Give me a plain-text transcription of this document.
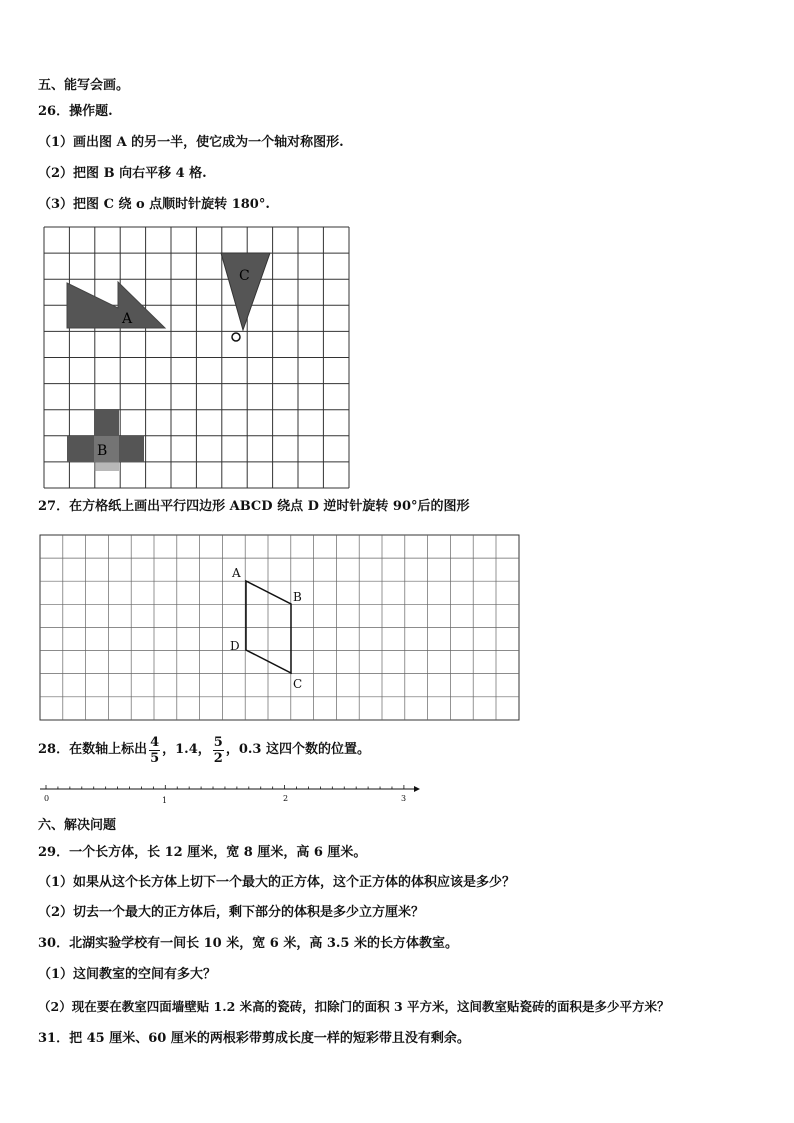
五、能写会画。
26．操作题.
（1）画出图 A 的另一半，使它成为一个轴对称图形.
（2）把图 B 向右平移 4 格.
（3）把图 C 绕 o 点顺时针旋转 180°.
A
B
C
27．在方格纸上画出平行四边形 ABCD 绕点 D 逆时针旋转 90°后的图形
A
B
C
D
28．在数轴上标出 $\frac{4}{5}$ ，1.4， $\frac{5}{2}$ ，0.3 这四个数的位置。
0	1	2	3
六、解决问题
29．一个长方体，长 12 厘米，宽 8 厘米，高 6 厘米。
（1）如果从这个长方体上切下一个最大的正方体，这个正方体的体积应该是多少？
（2）切去一个最大的正方体后，剩下部分的体积是多少立方厘米？
30．北湖实验学校有一间长 10 米，宽 6 米，高 3.5 米的长方体教室。
（1）这间教室的空间有多大？
（2）现在要在教室四面墙壁贴 1.2 米高的瓷砖，扣除门的面积 3 平方米，这间教室贴瓷砖的面积是多少平方米？
31．把 45 厘米、60 厘米的两根彩带剪成长度一样的短彩带且没有剩余。
